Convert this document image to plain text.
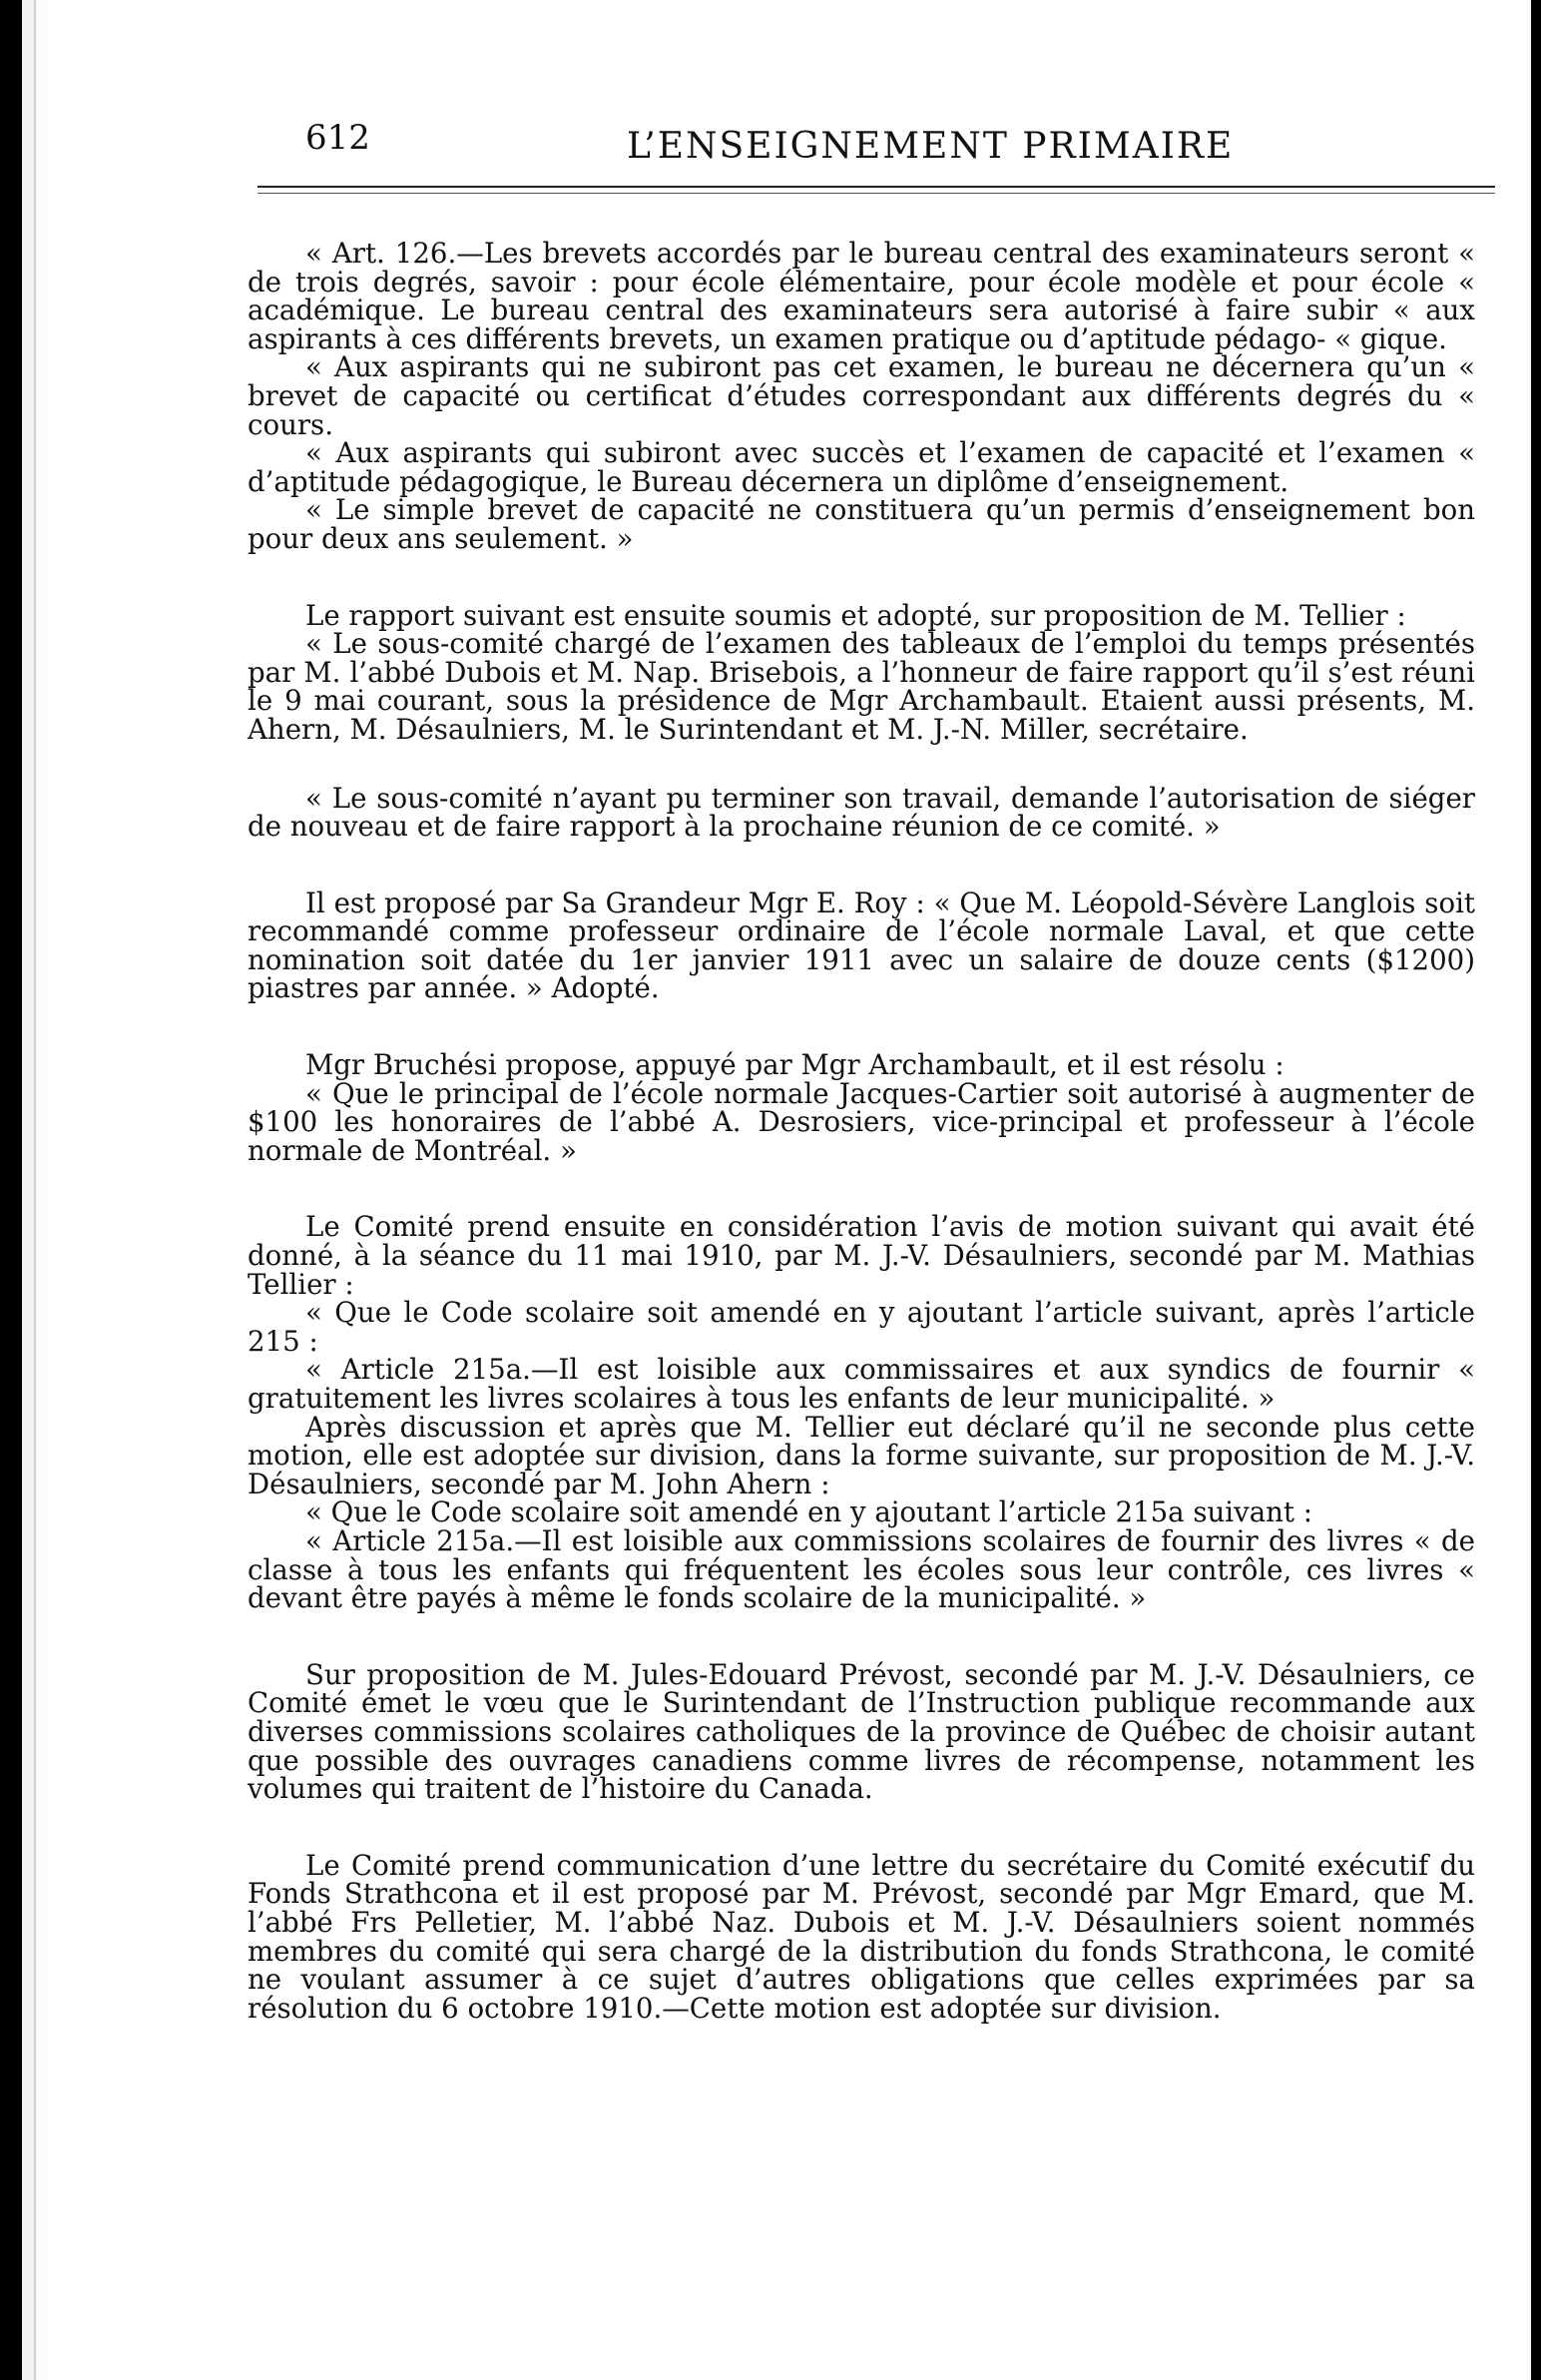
612	L’ENSEIGNEMENT PRIMAIRE

« Art. 126.—Les brevets accordés par le bureau central des examinateurs seront « de trois degrés, savoir : pour école élémentaire, pour école modèle et pour école « académique. Le bureau central des examinateurs sera autorisé à faire subir « aux aspirants à ces différents brevets, un examen pratique ou d’aptitude pédago- « gique.

« Aux aspirants qui ne subiront pas cet examen, le bureau ne décernera qu’un « brevet de capacité ou certificat d’études correspondant aux différents degrés du « cours.

« Aux aspirants qui subiront avec succès et l’examen de capacité et l’examen « d’aptitude pédagogique, le Bureau décernera un diplôme d’enseignement.

« Le simple brevet de capacité ne constituera qu’un permis d’enseignement bon pour deux ans seulement. »

Le rapport suivant est ensuite soumis et adopté, sur proposition de M. Tellier :

« Le sous-comité chargé de l’examen des tableaux de l’emploi du temps présentés par M. l’abbé Dubois et M. Nap. Brisebois, a l’honneur de faire rapport qu’il s’est réuni le 9 mai courant, sous la présidence de Mgr Archambault. Etaient aussi présents, M. Ahern, M. Désaulniers, M. le Surintendant et M. J.-N. Miller, secrétaire.

« Le sous-comité n’ayant pu terminer son travail, demande l’autorisation de siéger de nouveau et de faire rapport à la prochaine réunion de ce comité. »

Il est proposé par Sa Grandeur Mgr E. Roy : « Que M. Léopold-Sévère Langlois soit recommandé comme professeur ordinaire de l’école normale Laval, et que cette nomination soit datée du 1er janvier 1911 avec un salaire de douze cents ($1200) piastres par année. » Adopté.

Mgr Bruchési propose, appuyé par Mgr Archambault, et il est résolu :

« Que le principal de l’école normale Jacques-Cartier soit autorisé à augmenter de $100 les honoraires de l’abbé A. Desrosiers, vice-principal et professeur à l’école normale de Montréal. »

Le Comité prend ensuite en considération l’avis de motion suivant qui avait été donné, à la séance du 11 mai 1910, par M. J.-V. Désaulniers, secondé par M. Mathias Tellier :

« Que le Code scolaire soit amendé en y ajoutant l’article suivant, après l’article 215 :

« Article 215a.—Il est loisible aux commissaires et aux syndics de fournir « gratuitement les livres scolaires à tous les enfants de leur municipalité. »

Après discussion et après que M. Tellier eut déclaré qu’il ne seconde plus cette motion, elle est adoptée sur division, dans la forme suivante, sur proposition de M. J.-V. Désaulniers, secondé par M. John Ahern :

« Que le Code scolaire soit amendé en y ajoutant l’article 215a suivant :

« Article 215a.—Il est loisible aux commissions scolaires de fournir des livres « de classe à tous les enfants qui fréquentent les écoles sous leur contrôle, ces livres « devant être payés à même le fonds scolaire de la municipalité. »

Sur proposition de M. Jules-Edouard Prévost, secondé par M. J.-V. Désaulniers, ce Comité émet le vœu que le Surintendant de l’Instruction publique recommande aux diverses commissions scolaires catholiques de la province de Québec de choisir autant que possible des ouvrages canadiens comme livres de récompense, notamment les volumes qui traitent de l’histoire du Canada.

Le Comité prend communication d’une lettre du secrétaire du Comité exécutif du Fonds Strathcona et il est proposé par M. Prévost, secondé par Mgr Emard, que M. l’abbé Frs Pelletier, M. l’abbé Naz. Dubois et M. J.-V. Désaulniers soient nommés membres du comité qui sera chargé de la distribution du fonds Strathcona, le comité ne voulant assumer à ce sujet d’autres obligations que celles exprimées par sa résolution du 6 octobre 1910.—Cette motion est adoptée sur division.
